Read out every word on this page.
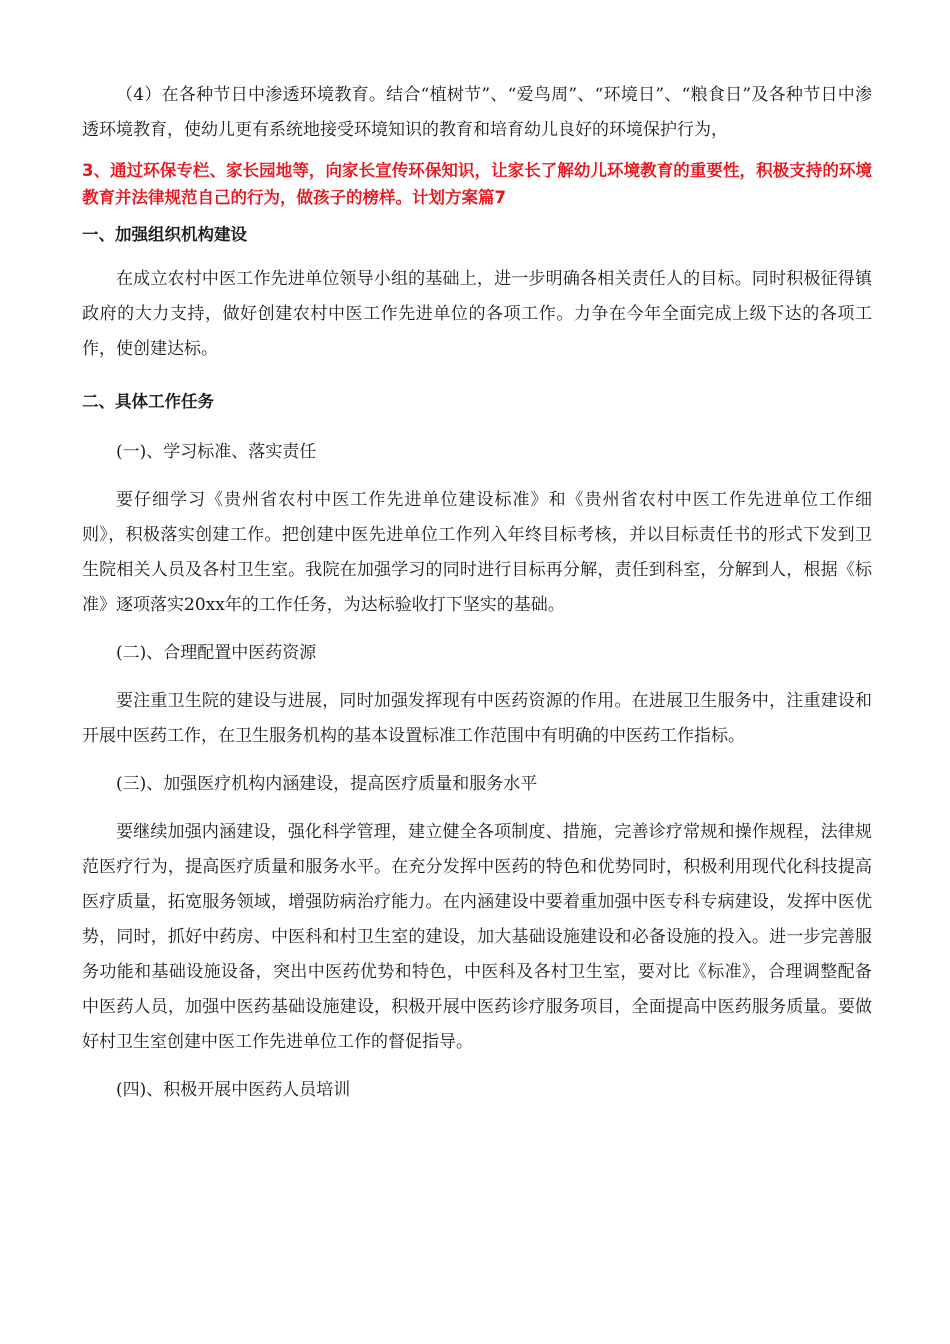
（4）在各种节日中渗透环境教育。结合“植树节”、“爱鸟周”、“环境日”、“粮食日”及各种节日中渗透环境教育，使幼儿更有系统地接受环境知识的教育和培育幼儿良好的环境保护行为，

3、通过环保专栏、家长园地等，向家长宣传环保知识，让家长了解幼儿环境教育的重要性，积极支持的环境教育并法律规范自己的行为，做孩子的榜样。计划方案篇7

一、加强组织机构建设

在成立农村中医工作先进单位领导小组的基础上，进一步明确各相关责任人的目标。同时积极征得镇政府的大力支持，做好创建农村中医工作先进单位的各项工作。力争在今年全面完成上级下达的各项工作，使创建达标。

二、具体工作任务

(一)、学习标准、落实责任

要仔细学习《贵州省农村中医工作先进单位建设标准》和《贵州省农村中医工作先进单位工作细则》，积极落实创建工作。把创建中医先进单位工作列入年终目标考核，并以目标责任书的形式下发到卫生院相关人员及各村卫生室。我院在加强学习的同时进行目标再分解，责任到科室，分解到人，根据《标准》逐项落实20xx年的工作任务，为达标验收打下坚实的基础。

(二)、合理配置中医药资源

要注重卫生院的建设与进展，同时加强发挥现有中医药资源的作用。在进展卫生服务中，注重建设和开展中医药工作，在卫生服务机构的基本设置标准工作范围中有明确的中医药工作指标。

(三)、加强医疗机构内涵建设，提高医疗质量和服务水平

要继续加强内涵建设，强化科学管理，建立健全各项制度、措施，完善诊疗常规和操作规程，法律规范医疗行为，提高医疗质量和服务水平。在充分发挥中医药的特色和优势同时，积极利用现代化科技提高医疗质量，拓宽服务领域，增强防病治疗能力。在内涵建设中要着重加强中医专科专病建设，发挥中医优势，同时，抓好中药房、中医科和村卫生室的建设，加大基础设施建设和必备设施的投入。进一步完善服务功能和基础设施设备，突出中医药优势和特色，中医科及各村卫生室，要对比《标准》，合理调整配备中医药人员，加强中医药基础设施建设，积极开展中医药诊疗服务项目，全面提高中医药服务质量。要做好村卫生室创建中医工作先进单位工作的督促指导。

(四)、积极开展中医药人员培训
